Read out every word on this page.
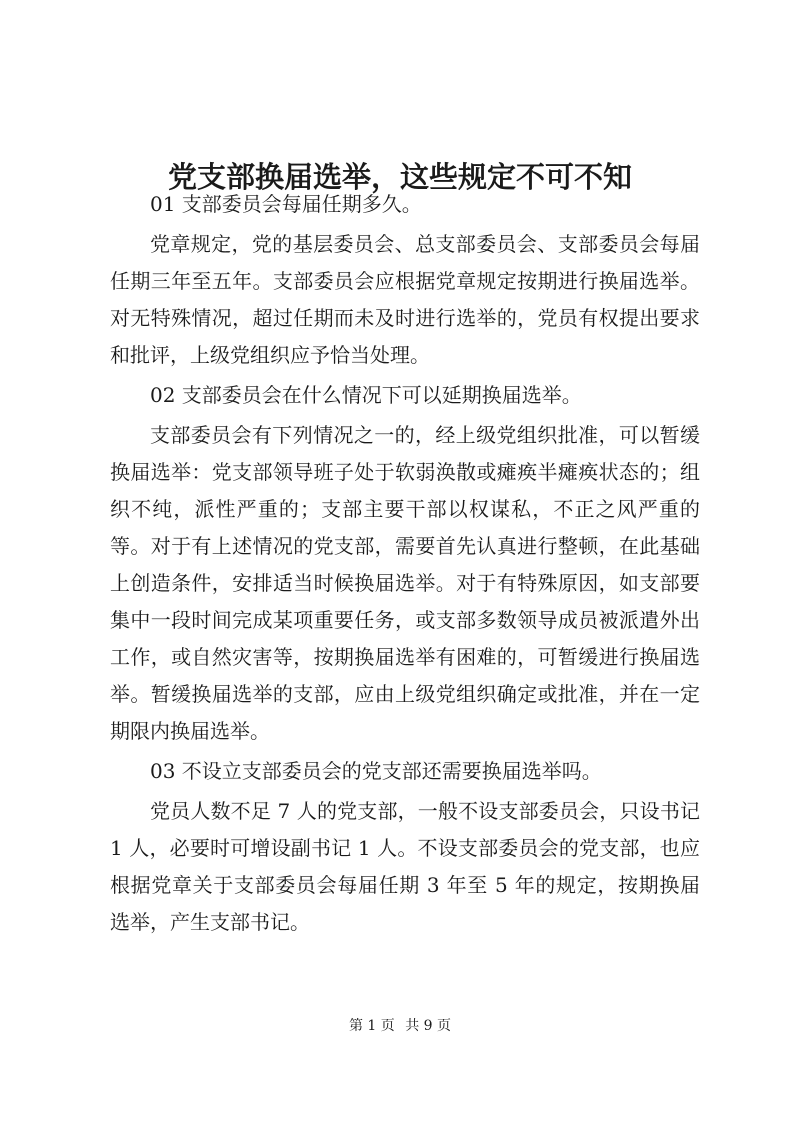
党支部换届选举，这些规定不可不知

01 支部委员会每届任期多久。

党章规定，党的基层委员会、总支部委员会、支部委员会每届任期三年至五年。支部委员会应根据党章规定按期进行换届选举。对无特殊情况，超过任期而未及时进行选举的，党员有权提出要求和批评，上级党组织应予恰当处理。

02 支部委员会在什么情况下可以延期换届选举。

支部委员会有下列情况之一的，经上级党组织批准，可以暂缓换届选举：党支部领导班子处于软弱涣散或瘫痪半瘫痪状态的；组织不纯，派性严重的；支部主要干部以权谋私，不正之风严重的等。对于有上述情况的党支部，需要首先认真进行整顿，在此基础上创造条件，安排适当时候换届选举。对于有特殊原因，如支部要集中一段时间完成某项重要任务，或支部多数领导成员被派遣外出工作，或自然灾害等，按期换届选举有困难的，可暂缓进行换届选举。暂缓换届选举的支部，应由上级党组织确定或批准，并在一定期限内换届选举。

03 不设立支部委员会的党支部还需要换届选举吗。

党员人数不足 7 人的党支部，一般不设支部委员会，只设书记 1 人，必要时可增设副书记 1 人。不设支部委员会的党支部，也应根据党章关于支部委员会每届任期 3 年至 5 年的规定，按期换届选举，产生支部书记。

第 1 页 共 9 页
